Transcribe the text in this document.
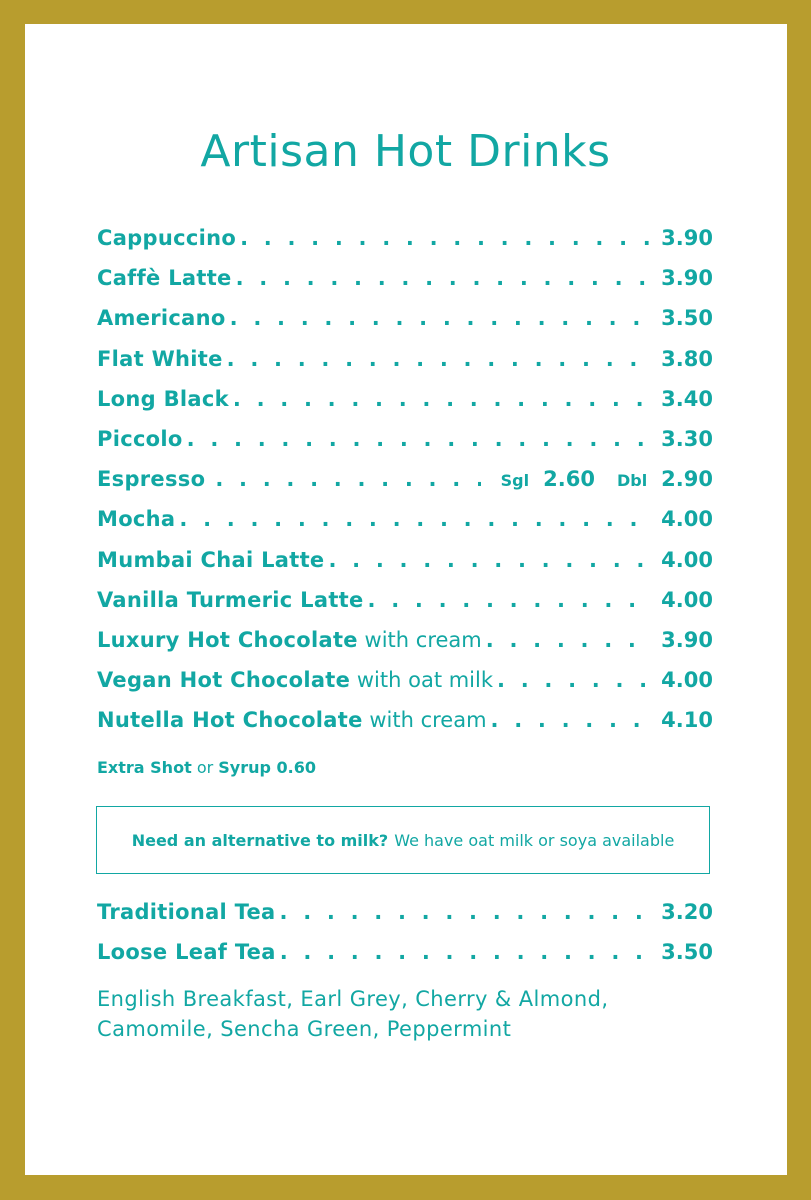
Artisan Hot Drinks
Cappuccino . . .	3.90
Caffè Latte . . .	3.90
Americano . . .	3.50
Flat White . . .	3.80
Long Black . . .	3.40
Piccolo . . .	3.30
Espresso . . .	Sgl 2.60 Dbl 2.90
Mocha . . .	4.00
Mumbai Chai Latte . . .	4.00
Vanilla Turmeric Latte . . .	4.00
Luxury Hot Chocolate
with cream . . .	3.90
Vegan Hot Chocolate
with oat milk . . .	4.00
Nutella Hot Chocolate
with cream . . .	4.10
Extra Shot or Syrup 0.60
Need an alternative to milk? We have oat milk or soya available
Traditional Tea . . .	3.20
Loose Leaf Tea . . .	3.50
English Breakfast, Earl Grey, Cherry & Almond,
Camomile, Sencha Green, Peppermint
